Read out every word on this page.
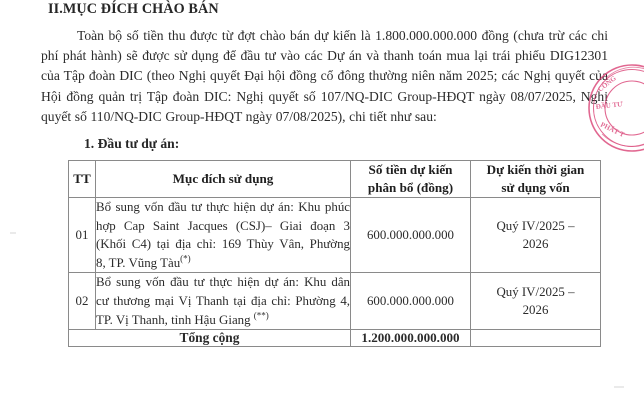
II.MỤC ĐÍCH CHÀO BÁN
Toàn bộ số tiền thu được từ đợt chào bán dự kiến là 1.800.000.000.000 đồng (chưa trừ các chi phí phát hành) sẽ được sử dụng để đầu tư vào các Dự án và thanh toán mua lại trái phiếu DIG12301 của Tập đoàn DIC (theo Nghị quyết Đại hội đồng cổ đông thường niên năm 2025; các Nghị quyết của Hội đồng quản trị Tập đoàn DIC: Nghị quyết số 107/NQ-DIC Group-HĐQT ngày 08/07/2025, Nghị quyết số 110/NQ-DIC Group-HĐQT ngày 07/08/2025), chi tiết như sau:
1. Đầu tư dự án:
TT	Mục đích sử dụng	Số tiền dự kiến
phân bổ (đồng)	Dự kiến thời gian
sử dụng vốn
01	Bổ sung vốn đầu tư thực hiện dự án: Khu phúc
hợp Cap Saint Jacques (CSJ)– Giai đoạn 3
(Khối C4) tại địa chỉ: 169 Thùy Vân, Phường
8, TP. Vũng Tàu(*)	600.000.000.000	Quý IV/2025 –
2026
02	Bổ sung vốn đầu tư thực hiện dự án: Khu dân
cư thương mại Vị Thanh tại địa chỉ: Phường 4,
TP. Vị Thanh, tỉnh Hậu Giang (**)	600.000.000.000	Quý IV/2025 –
2026
Tổng cộng		1.200.000.000.000	
CÔNG
ĐẦU TƯ
PHÁT T
